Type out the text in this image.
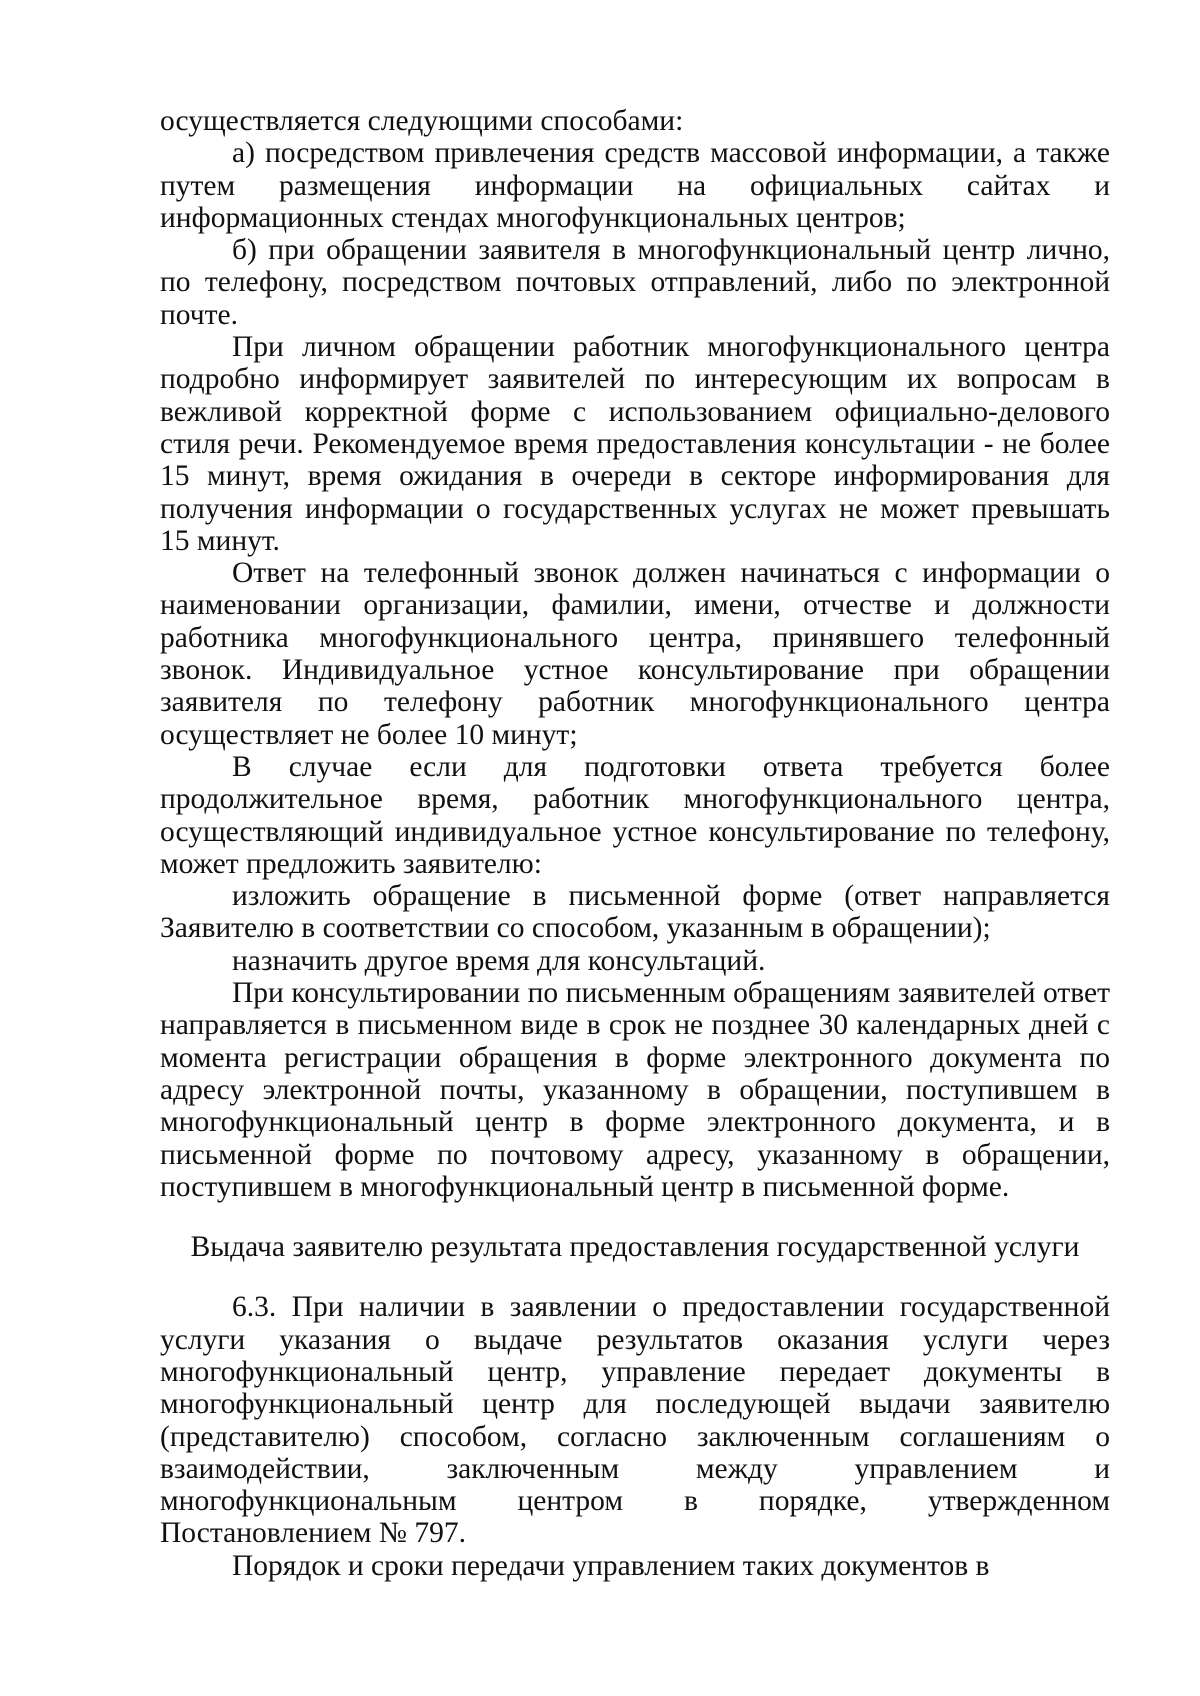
осуществляется следующими способами:

а) посредством привлечения средств массовой информации, а также путем размещения информации на официальных сайтах и информационных стендах многофункциональных центров;

б) при обращении заявителя в многофункциональный центр лично, по телефону, посредством почтовых отправлений, либо по электронной почте.

При личном обращении работник многофункционального центра подробно информирует заявителей по интересующим их вопросам в вежливой корректной форме с использованием официально-делового стиля речи. Рекомендуемое время предоставления консультации - не более 15 минут, время ожидания в очереди в секторе информирования для получения информации о государственных услугах не может превышать 15 минут.

Ответ на телефонный звонок должен начинаться с информации о наименовании организации, фамилии, имени, отчестве и должности работника многофункционального центра, принявшего телефонный звонок. Индивидуальное устное консультирование при обращении заявителя по телефону работник многофункционального центра осуществляет не более 10 минут;

В случае если для подготовки ответа требуется более продолжительное время, работник многофункционального центра, осуществляющий индивидуальное устное консультирование по телефону, может предложить заявителю:

изложить обращение в письменной форме (ответ направляется Заявителю в соответствии со способом, указанным в обращении);

назначить другое время для консультаций.

При консультировании по письменным обращениям заявителей ответ направляется в письменном виде в срок не позднее 30 календарных дней с момента регистрации обращения в форме электронного документа по адресу электронной почты, указанному в обращении, поступившем в многофункциональный центр в форме электронного документа, и в письменной форме по почтовому адресу, указанному в обращении, поступившем в многофункциональный центр в письменной форме.

Выдача заявителю результата предоставления государственной услуги

6.3. При наличии в заявлении о предоставлении государственной услуги указания о выдаче результатов оказания услуги через многофункциональный центр, управление передает документы в многофункциональный центр для последующей выдачи заявителю (представителю) способом, согласно заключенным соглашениям о взаимодействии, заключенным между управлением и многофункциональным центром в порядке, утвержденном Постановлением № 797.

Порядок и сроки передачи управлением таких документов в
